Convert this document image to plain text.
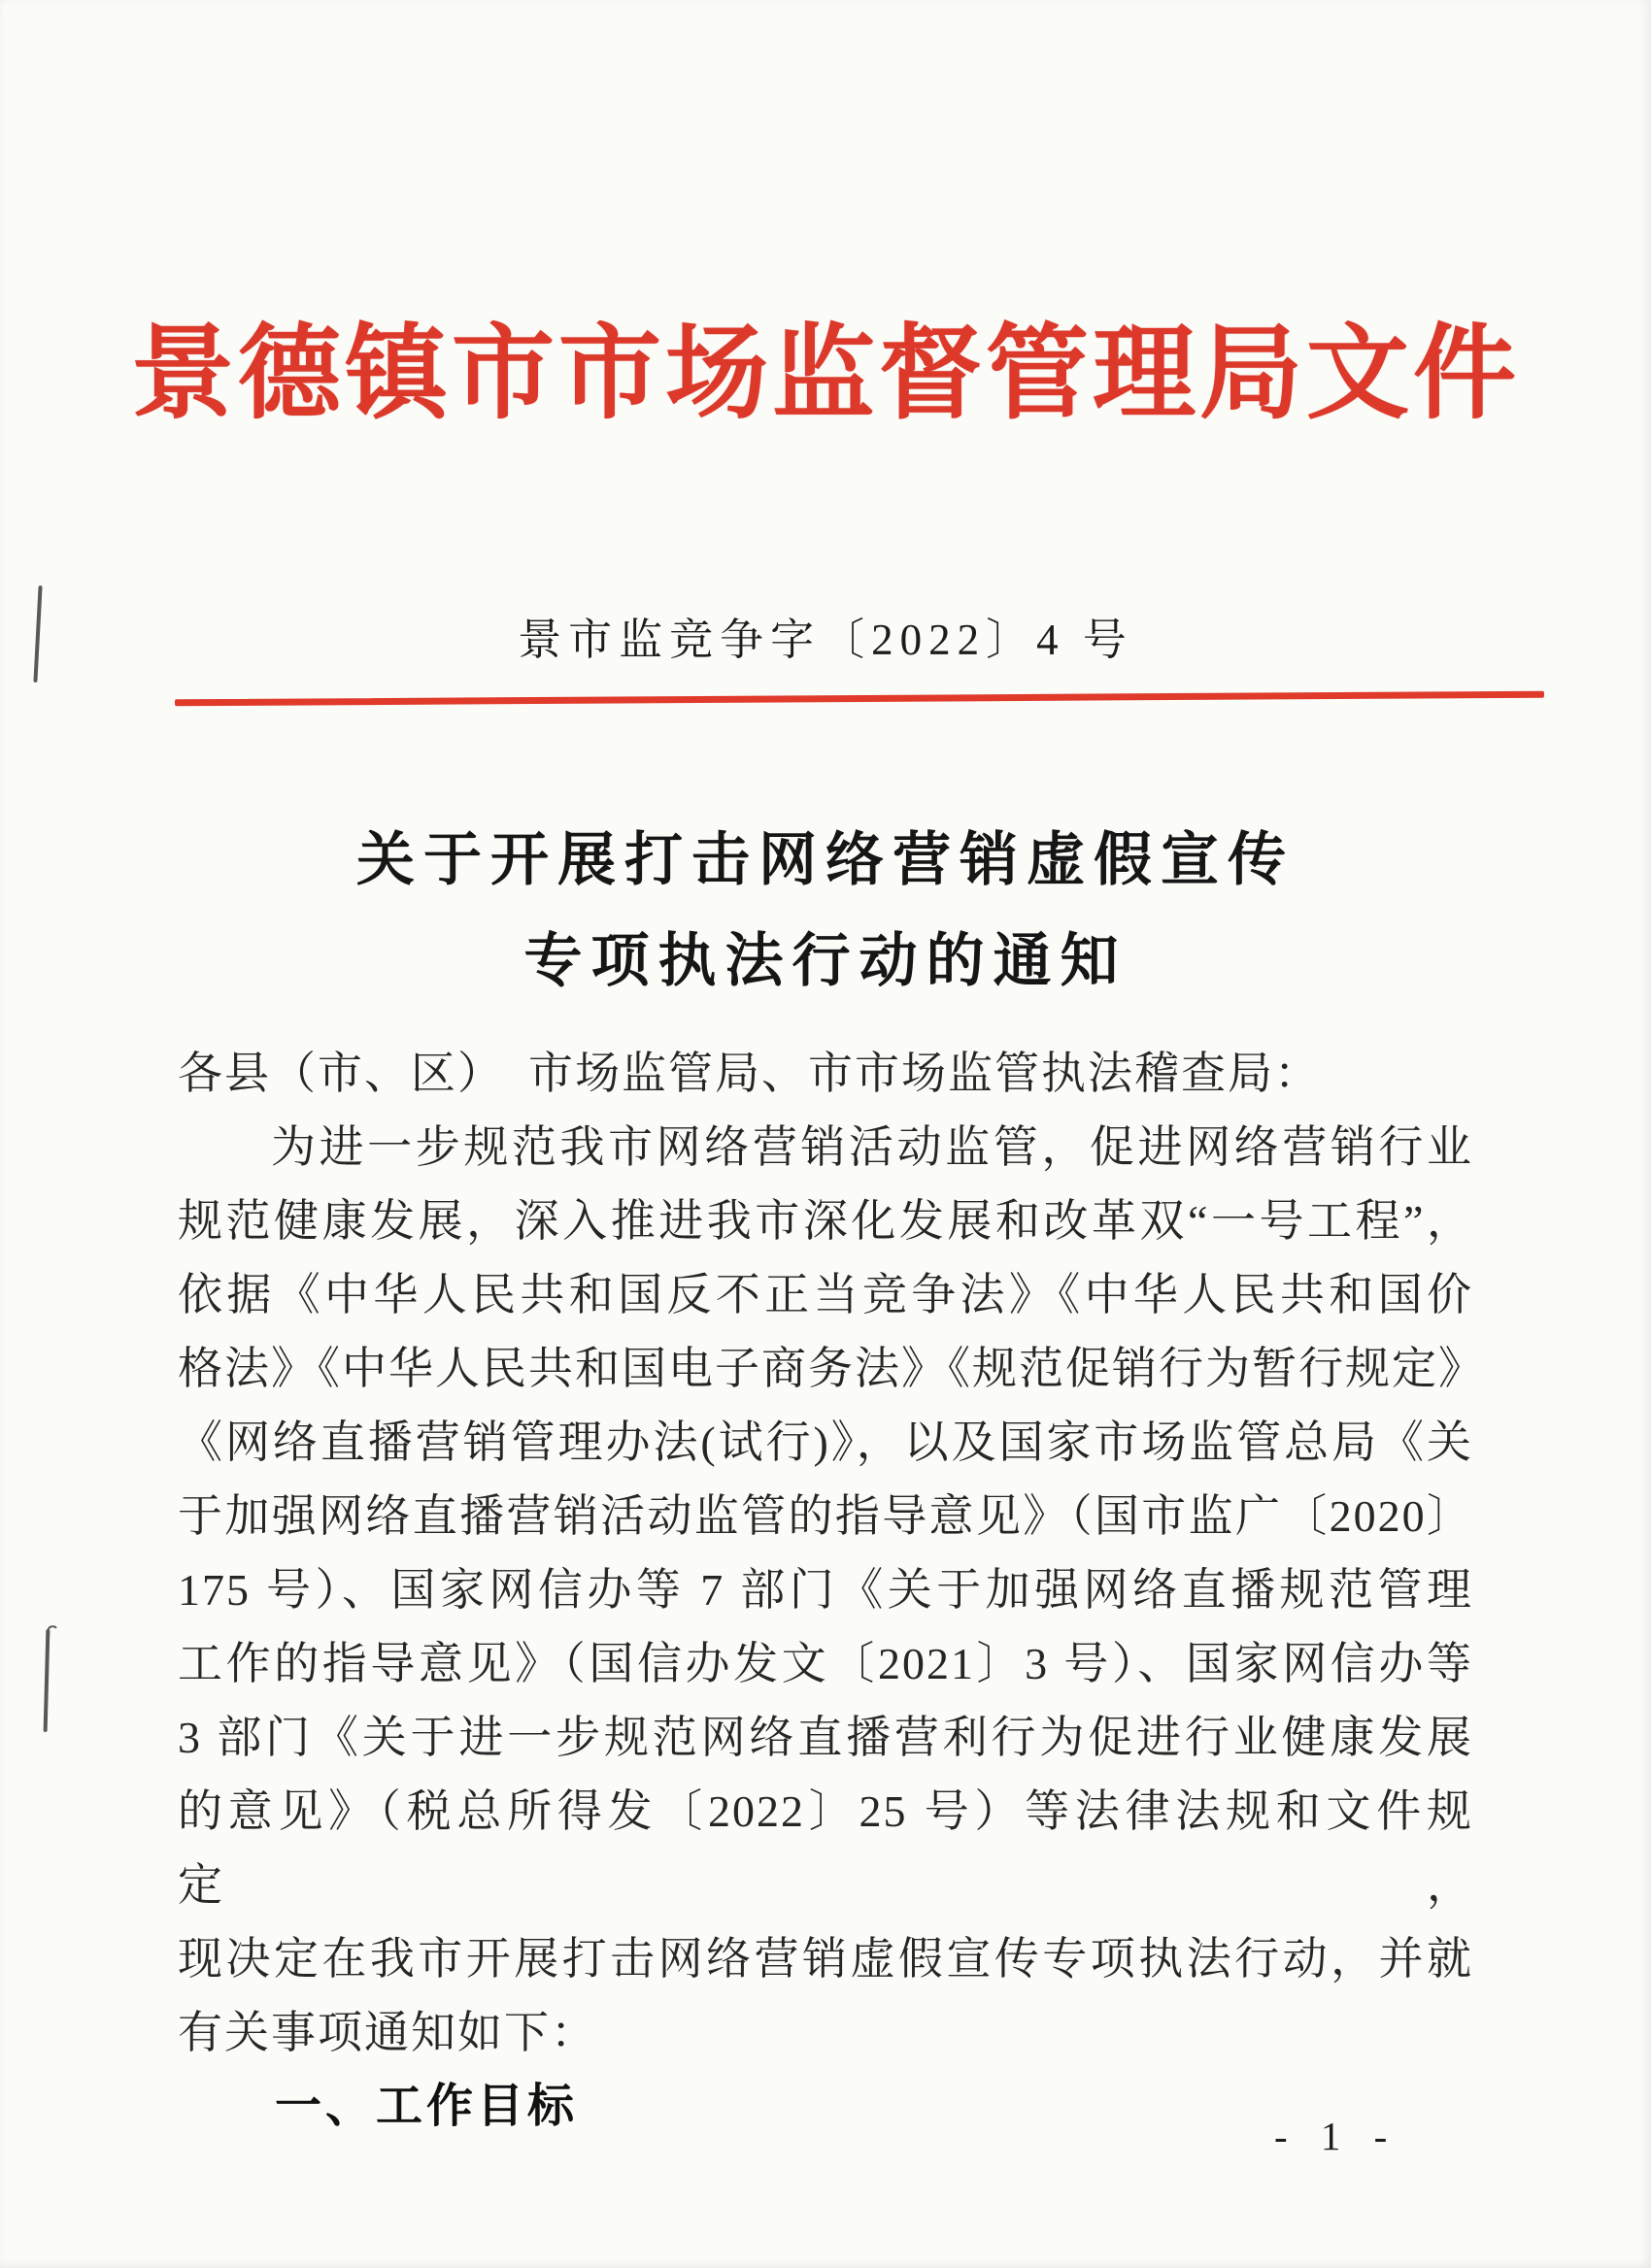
景德镇市市场监督管理局文件
景市监竞争字〔2022〕4 号
关于开展打击网络营销虚假宣传
专项执法行动的通知
各县（市、区）　市场监管局、市市场监管执法稽查局：
为进一步规范我市网络营销活动监管，促进网络营销行业
规范健康发展，深入推进我市深化发展和改革双“一号工程”，
依据《中华人民共和国反不正当竞争法》《中华人民共和国价
格法》《中华人民共和国电子商务法》《规范促销行为暂行规定》
《网络直播营销管理办法(试行)》，以及国家市场监管总局《关
于加强网络直播营销活动监管的指导意见》（国市监广〔2020〕
175 号）、国家网信办等 7 部门《关于加强网络直播规范管理
工作的指导意见》（国信办发文〔2021〕3 号）、国家网信办等
3 部门《关于进一步规范网络直播营利行为促进行业健康发展
的意见》（税总所得发〔2022〕25 号）等法律法规和文件规定，
现决定在我市开展打击网络营销虚假宣传专项执法行动，并就
有关事项通知如下：
一、工作目标
- 1 -
